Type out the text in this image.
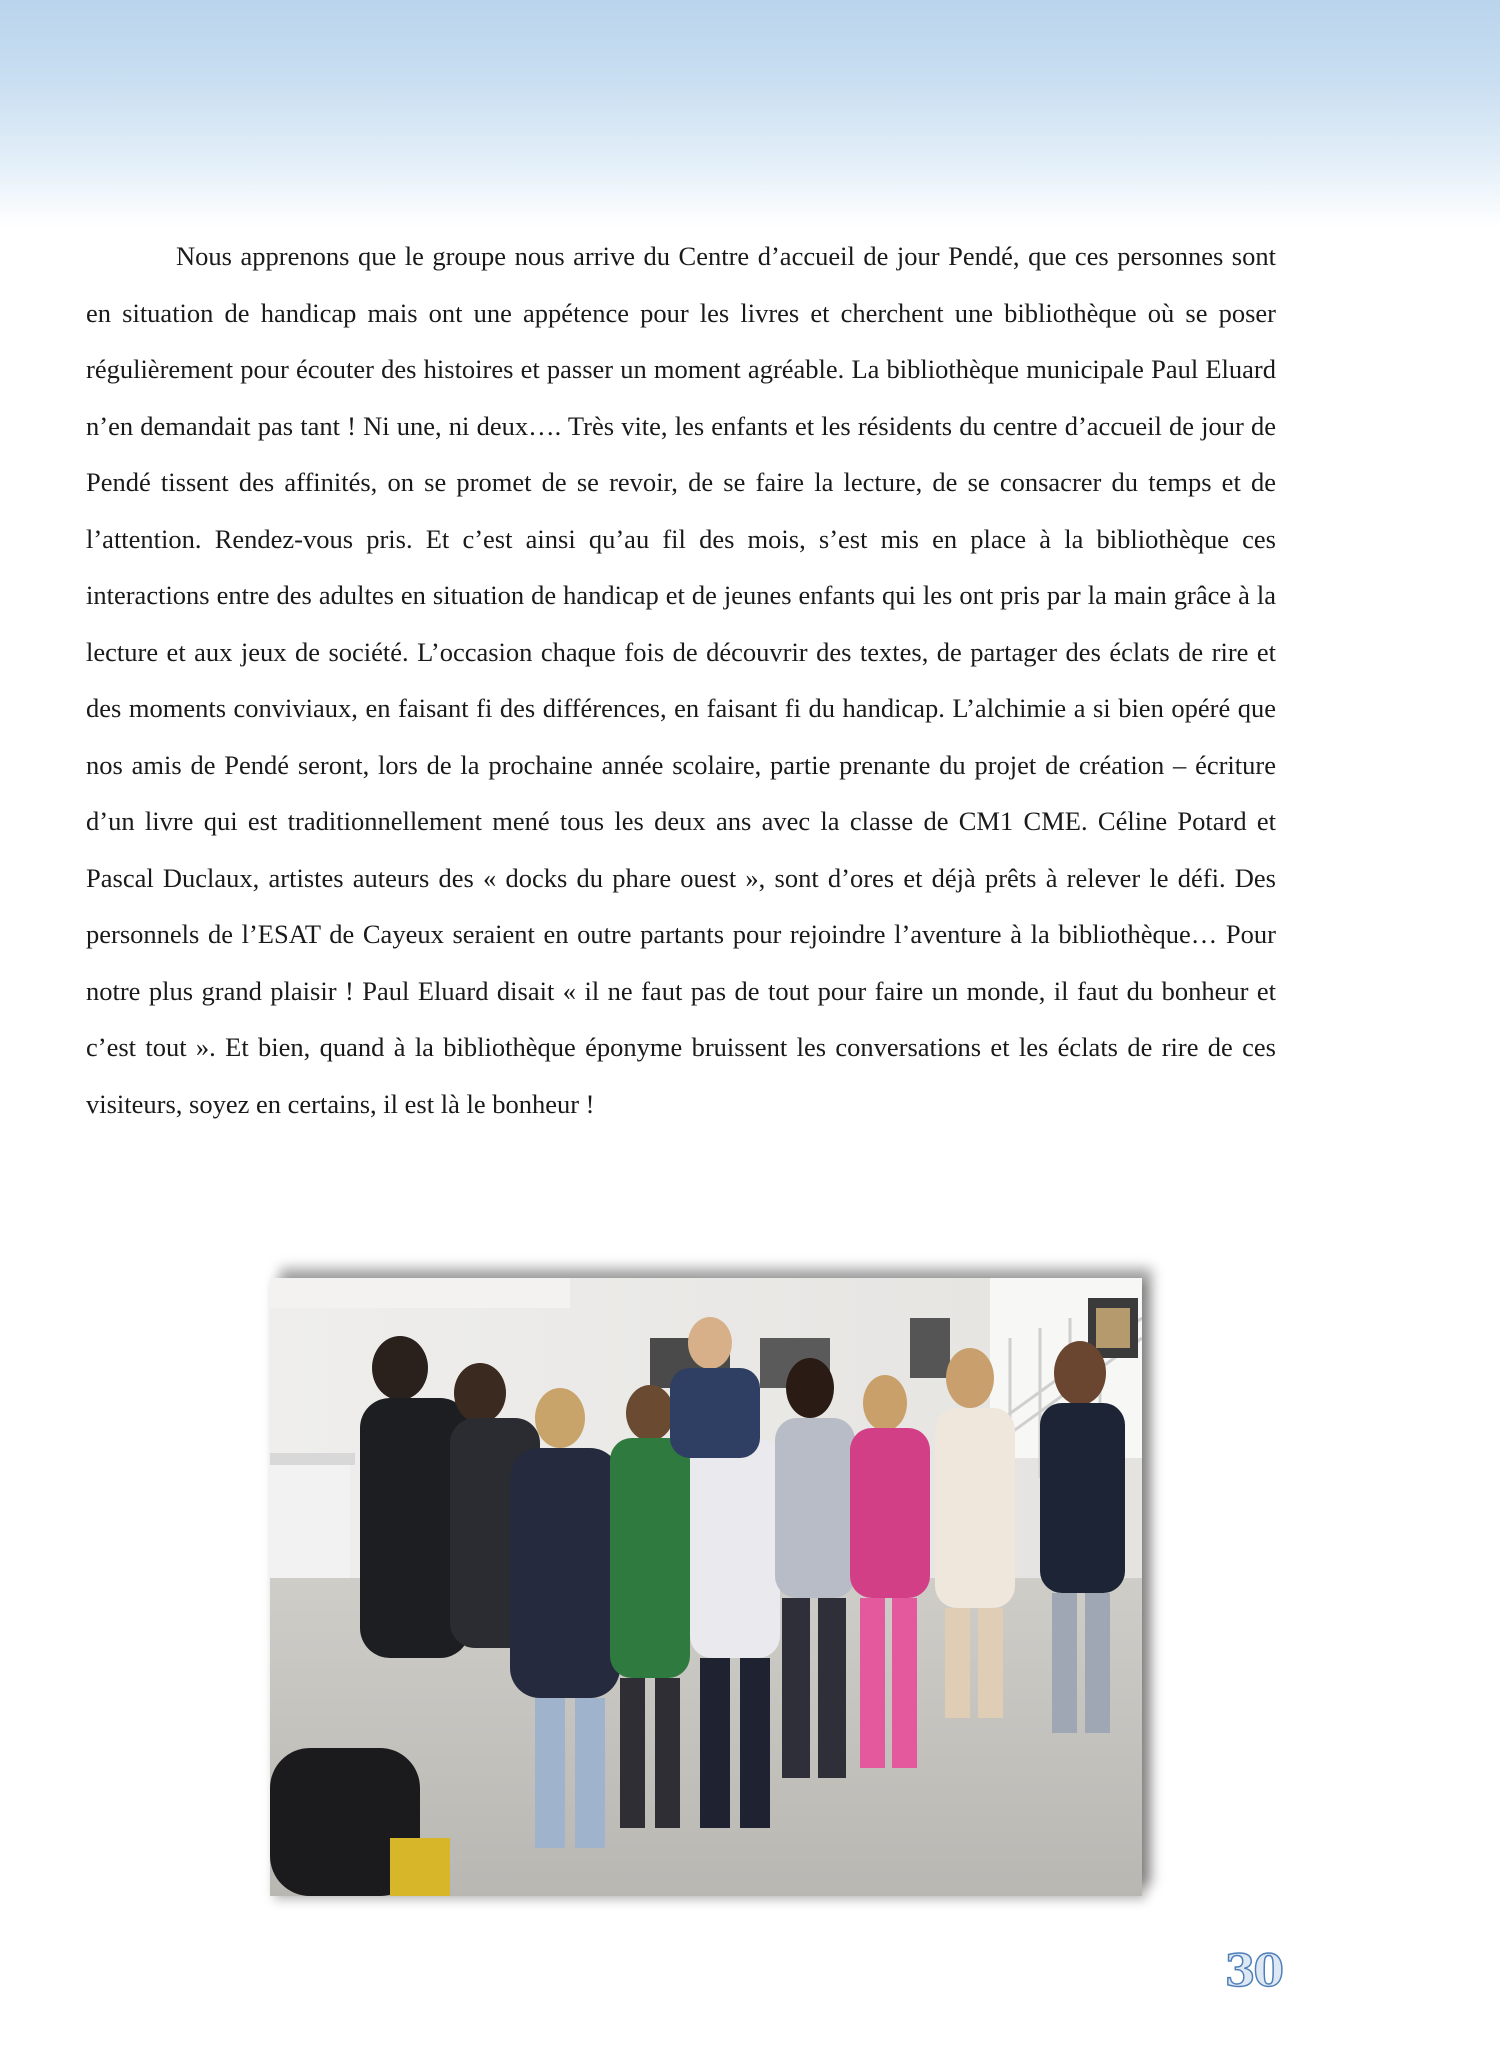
Nous apprenons que le groupe nous arrive du Centre d’accueil de jour Pendé, que ces personnes sont en situation de handicap mais ont une appétence pour les livres et cherchent une bibliothèque où se poser régulièrement pour écouter des histoires et passer un moment agréable. La bibliothèque municipale Paul Eluard n’en demandait pas tant ! Ni une, ni deux…. Très vite, les enfants et les résidents du centre d’accueil de jour de Pendé tissent des affinités, on se promet de se revoir, de se faire la lecture, de se consacrer du temps et de l’attention. Rendez-vous pris. Et c’est ainsi qu’au fil des mois, s’est mis en place à la bibliothèque ces interactions entre des adultes en situation de handicap et de jeunes enfants qui les ont pris par la main grâce à la lecture et aux jeux de société. L’occasion chaque fois de découvrir des textes, de partager des éclats de rire et des moments conviviaux, en faisant fi des différences, en faisant fi du handicap. L’alchimie a si bien opéré que nos amis de Pendé seront, lors de la prochaine année scolaire, partie prenante du projet de création – écriture d’un livre qui est traditionnellement mené tous les deux ans avec la classe de CM1 CME. Céline Potard et Pascal Duclaux, artistes auteurs des « docks du phare ouest », sont d’ores et déjà prêts à relever le défi. Des personnels de l’ESAT de Cayeux seraient en outre partants pour rejoindre l’aventure à la bibliothèque… Pour notre plus grand plaisir ! Paul Eluard disait « il ne faut pas de tout pour faire un monde, il faut du bonheur et c’est tout ». Et bien, quand à la bibliothèque éponyme bruissent les conversations et les éclats de rire de ces visiteurs, soyez en certains, il est là le bonheur !

30
